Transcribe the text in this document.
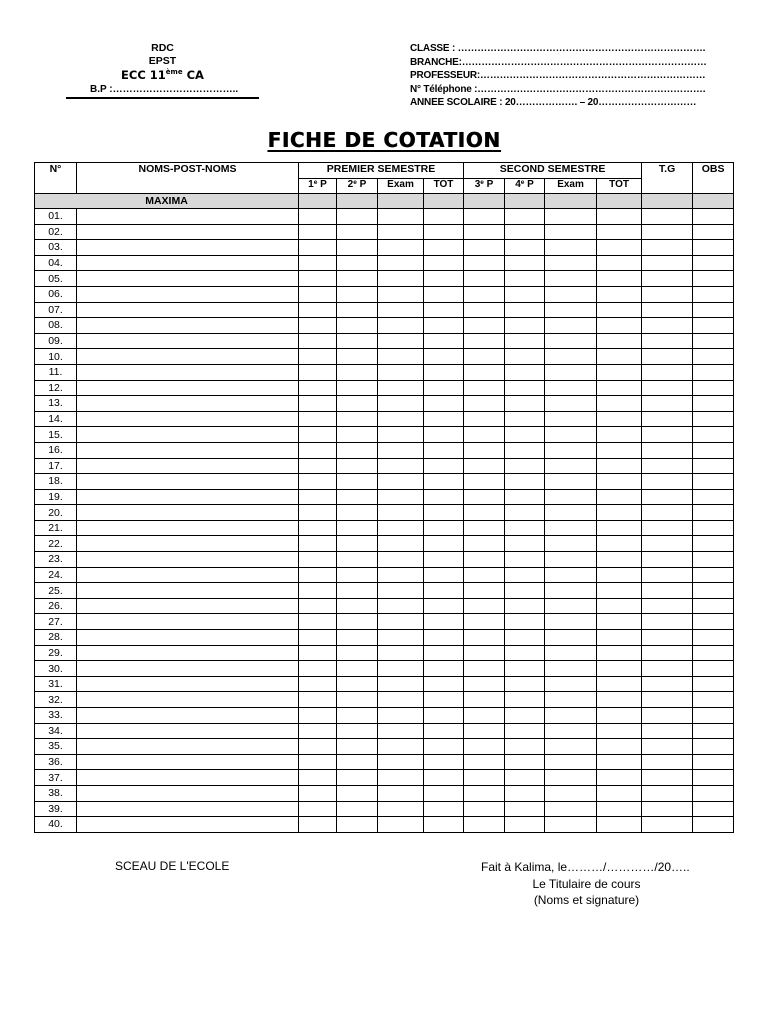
RDC
EPST
ECC 11ème CA
B.P :………………………………..
CLASSE : ………………………………………………………………….
BRANCHE:…………………………………………………………………
PROFESSEUR:……………………………………………………………
N° Téléphone :…………………………………………………………….
ANNEE SCOLAIRE : 20………………. – 20…………………………
FICHE DE COTATION
N°	NOMS-POST-NOMS	PREMIER SEMESTRE				SECOND SEMESTRE				T.G	OBS
		1e P	2e P	Exam	TOT	3e P	4e P	Exam	TOT		
MAXIMA											
01.											
02.											
03.											
04.											
05.											
06.											
07.											
08.											
09.											
10.											
11.											
12.											
13.											
14.											
15.											
16.											
17.											
18.											
19.											
20.											
21.											
22.											
23.											
24.											
25.											
26.											
27.											
28.											
29.											
30.											
31.											
32.											
33.											
34.											
35.											
36.											
37.											
38.											
39.											
40.											
SCEAU DE L'ECOLE	Fait à Kalima, le………/…………/20…..
Le Titulaire de cours
(Noms et signature)
